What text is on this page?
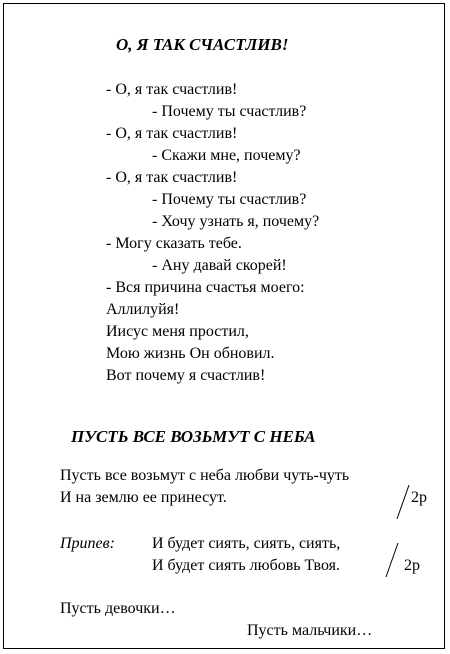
О, Я ТАК СЧАСТЛИВ!
- О, я так счастлив!
- Почему ты счастлив?
- О, я так счастлив!
- Скажи мне, почему?
- О, я так счастлив!
- Почему ты счастлив?
- Хочу узнать я, почему?
- Могу сказать тебе.
- Ану давай скорей!
- Вся причина счастья моего:
Аллилуйя!
Иисус меня простил,
Мою жизнь Он обновил.
Вот почему я счастлив!
ПУСТЬ ВСЕ ВОЗЬМУТ С НЕБА
Пусть все возьмут с неба любви чуть-чуть
И на землю ее принесут.	2р
Припев: И будет сиять, сиять, сиять,
И будет сиять любовь Твоя.	2р
Пусть девочки…
Пусть мальчики…
